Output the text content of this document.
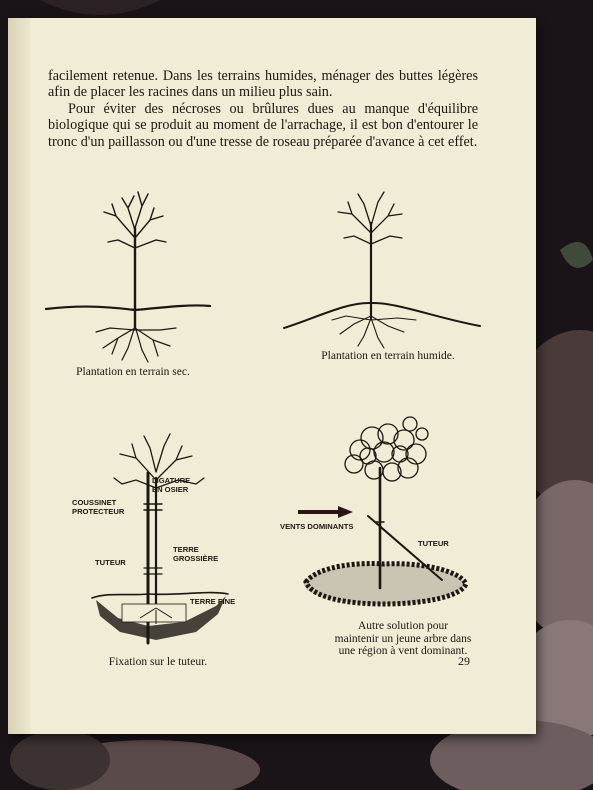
facilement retenue. Dans les terrains humides, ménager des buttes légères afin de placer les racines dans un milieu plus sain.

Pour éviter des nécroses ou brûlures dues au manque d'équilibre biologique qui se produit au moment de l'arrachage, il est bon d'entourer le tronc d'un paillasson ou d'une tresse de roseau préparée d'avance à cet effet.

Plantation en terrain sec.
Plantation en terrain humide.
LIGATURE
EN OSIER
COUSSINET
PROTECTEUR
TUTEUR
TERRE
GROSSIÈRE
TERRE FINE
Fixation sur le tuteur.
VENTS DOMINANTS
TUTEUR
Autre solution pour
maintenir un jeune arbre dans
une région à vent dominant.
29
